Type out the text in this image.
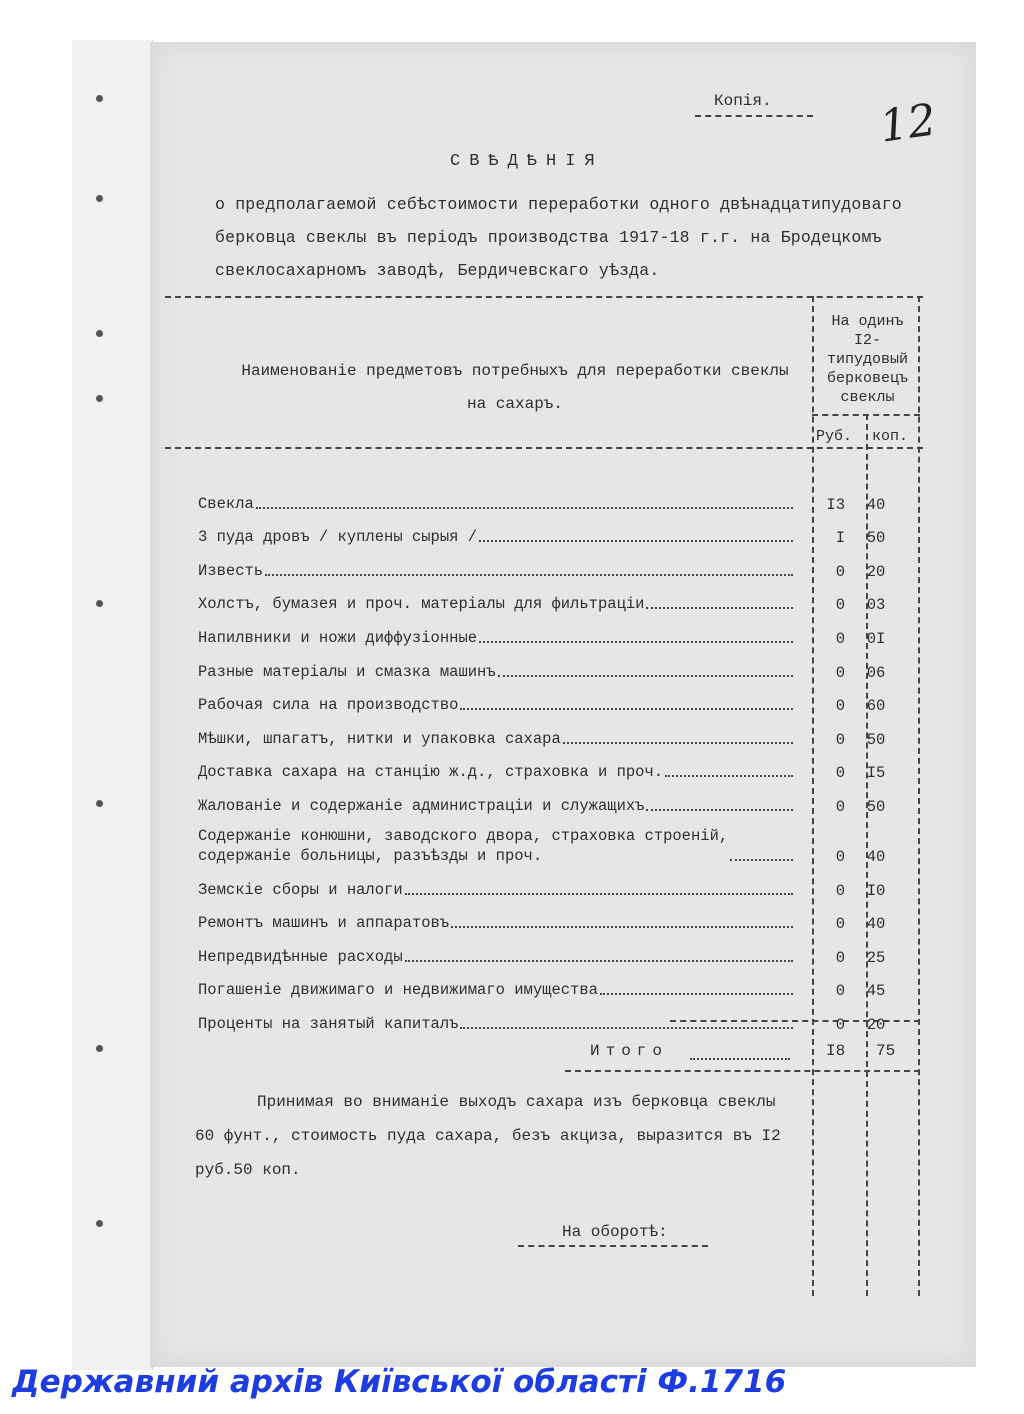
Копія. 12
СВѢДѢНІЯ
о предполагаемой себѣстоимости переработки одного двѣнадцатипудоваго берковца свеклы въ періодъ производства 1917-18 г.г. на Бродецкомъ свеклосахарномъ заводѣ, Бердичевскаго уѣзда.
Наименованіе предметовъ потребныхъ для переработки свеклы на сахаръ.
На одинъ I2-типудовый берковецъ свеклы
Руб. коп.
Свекла	I3	40
3 пуда дровъ / куплены сырыя /	I	50
Известь	0	20
Холстъ, бумазея и проч. матеріалы для фильтраціи	0	03
Напилвники и ножи диффузіонные	0	0I
Разные матеріалы и смазка машинъ	0	06
Рабочая сила на производство	0	60
Мѣшки, шпагатъ, нитки и упаковка сахара	0	50
Доставка сахара на станцію ж.д., страховка и проч.	0	I5
Жалованіе и содержаніе администраціи и служащихъ	0	50
Содержаніе конюшни, заводского двора, страховка строеній,
содержаніе больницы, разъѣзды и проч.	0	40
Земскіе сборы и налоги	0	I0
Ремонтъ машинъ и аппаратовъ	0	40
Непредвидѣнные расходы	0	25
Погашеніе движимаго и недвижимаго имущества	0	45
Проценты на занятый капиталъ	0	20
Итого	I8 75
Принимая во вниманіе выходъ сахара изъ берковца свеклы 60 фунт., стоимость пуда сахара, безъ акциза, выразится въ I2 руб.50 коп.
На оборотѣ:
Державний архів Київської області Ф.1716
